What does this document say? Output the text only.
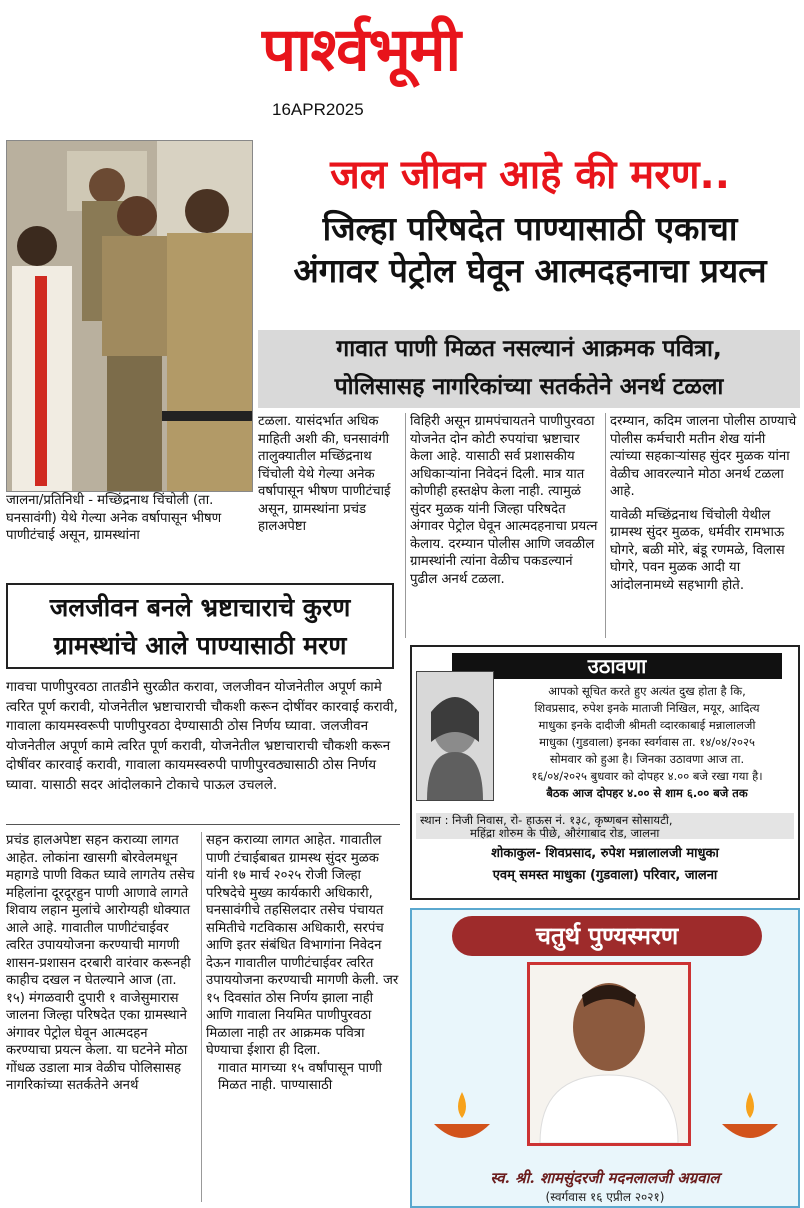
पार्श्वभूमी
16APR2025
जल जीवन आहे की मरण..
जिल्हा परिषदेत पाण्यासाठी एकाचा
अंगावर पेट्रोल घेवून आत्मदहनाचा प्रयत्न
गावात पाणी मिळत नसल्यानं आक्रमक पवित्रा,
पोलिसासह नागरिकांच्या सतर्कतेने अनर्थ टळला
जालना/प्रतिनिधी - मच्छिंद्रनाथ चिंचोली (ता. घनसावंगी) येथे गेल्या अनेक वर्षापासून भीषण पाणीटंचाई असून, ग्रामस्थांना
टळला. यासंदर्भात अधिक माहिती अशी की, घनसावंगी तालुक्यातील मच्छिंद्रनाथ चिंचोली येथे गेल्या अनेक वर्षापासून भीषण पाणीटंचाई असून, ग्रामस्थांना प्रचंड हालअपेष्टा
विहिरी असून ग्रामपंचायतने पाणीपुरवठा योजनेत दोन कोटी रुपयांचा भ्रष्टाचार केला आहे. यासाठी सर्व प्रशासकीय अधिकाऱ्यांना निवेदनं दिली. मात्र यात कोणीही हस्तक्षेप केला नाही. त्यामुळं सुंदर मुळक यांनी जिल्हा परिषदेत अंगावर पेट्रोल घेवून आत्मदहनाचा प्रयत्न केलाय. दरम्यान पोलीस आणि जवळील ग्रामस्थांनी त्यांना वेळीच पकडल्यानं पुढील अनर्थ टळला.
दरम्यान, कदिम जालना पोलीस ठाण्याचे पोलीस कर्मचारी मतीन शेख यांनी त्यांच्या सहकाऱ्यांसह सुंदर मुळक यांना वेळीच आवरल्याने मोठा अनर्थ टळला आहे.
यावेळी मच्छिंद्रनाथ चिंचोली येथील ग्रामस्थ सुंदर मुळक, धर्मवीर रामभाऊ घोगरे, बळी मोरे, बंडू रणमळे, विलास घोगरे, पवन मुळक आदी या आंदोलनामध्ये सहभागी होते.
जलजीवन बनले भ्रष्टाचाराचे कुरण
ग्रामस्थांचे आले पाण्यासाठी मरण
गावचा पाणीपुरवठा तातडीने सुरळीत करावा, जलजीवन योजनेतील अपूर्ण कामे त्वरित पूर्ण करावी, योजनेतील भ्रष्टाचाराची चौकशी करून दोषींवर कारवाई करावी, गावाला कायमस्वरूपी पाणीपुरवठा देण्यासाठी ठोस निर्णय घ्यावा. जलजीवन योजनेतील अपूर्ण कामे त्वरित पूर्ण करावी, योजनेतील भ्रष्टाचाराची चौकशी करून दोषींवर कारवाई करावी, गावाला कायमस्वरुपी पाणीपुरवठ्यासाठी ठोस निर्णय घ्यावा. यासाठी सदर आंदोलकाने टोकाचे पाऊल उचलले.
प्रचंड हालअपेष्टा सहन कराव्या लागत आहेत. लोकांना खासगी बोरवेलमधून महागडे पाणी विकत घ्यावे लागतेय तसेच महिलांना दूरदूरहुन पाणी आणावे लागते शिवाय लहान मुलांचे आरोग्यही धोक्यात आले आहे. गावातील पाणीटंचाईवर त्वरित उपाययोजना करण्याची मागणी शासन-प्रशासन दरबारी वारंवार करूनही काहीच दखल न घेतल्याने आज (ता. १५) मंगळवारी दुपारी १ वाजेसुमारास जालना जिल्हा परिषदेत एका ग्रामस्थाने अंगावर पेट्रोल घेवून आत्मदहन करण्याचा प्रयत्न केला. या घटनेने मोठा गोंधळ उडाला मात्र वेळीच पोलिसासह नागरिकांच्या सतर्कतेने अनर्थ
सहन कराव्या लागत आहेत. गावातील पाणी टंचाईबाबत ग्रामस्थ सुंदर मुळक यांनी १७ मार्च २०२५ रोजी जिल्हा परिषदेचे मुख्य कार्यकारी अधिकारी, घनसावंगीचे तहसिलदार तसेच पंचायत समितीचे गटविकास अधिकारी, सरपंच आणि इतर संबंधित विभागांना निवेदन देऊन गावातील पाणीटंचाईवर त्वरित उपाययोजना करण्याची मागणी केली. जर १५ दिवसांत ठोस निर्णय झाला नाही आणि गावाला नियमित पाणीपुरवठा मिळाला नाही तर आक्रमक पवित्रा घेण्याचा ईशारा ही दिला.
गावात मागच्या १५ वर्षांपासून पाणी मिळत नाही. पाण्यासाठी
उठावणा
आपको सूचित करते हुए अत्यंत दुख होता है कि,
शिवप्रसाद, रुपेश इनके माताजी निखिल, मयूर, आदित्य
माधुका इनके दादीजी श्रीमती व्दारकाबाई मन्नालालजी
माधुका (गुडवाला) इनका स्वर्गवास ता. १४/०४/२०२५
सोमवार को हुआ है। जिनका उठावणा आज ता.
१६/०४/२०२५ बुधवार को दोपहर ४.०० बजे रखा गया है।
बैठक आज दोपहर ४.०० से शाम ६.०० बजे तक
स्थान : निजी निवास, रो- हाऊस नं. १३८, कृष्णबन सोसायटी,
महिंद्रा शोरुम के पीछे, औरंगाबाद रोड, जालना
शोकाकुल- शिवप्रसाद, रुपेश मन्नालालजी माधुका
एवम् समस्त माधुका (गुडवाला) परिवार, जालना
चतुर्थ पुण्यस्मरण
स्व. श्री. शामसुंदरजी मदनलालजी अग्रवाल
(स्वर्गवास १६ एप्रील २०२१)
